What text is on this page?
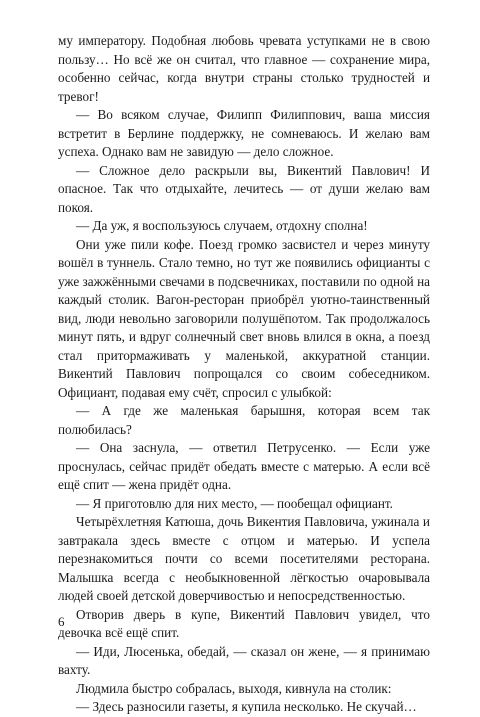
му императору. Подобная любовь чревата уступками не в свою пользу… Но всё же он считал, что главное — сохранение мира, особенно сейчас, когда внутри страны столько трудностей и тревог!

— Во всяком случае, Филипп Филиппович, ваша миссия встретит в Берлине поддержку, не сомневаюсь. И желаю вам успеха. Однако вам не завидую — дело сложное.

— Сложное дело раскрыли вы, Викентий Павлович! И опасное. Так что отдыхайте, лечитесь — от души желаю вам покоя.

— Да уж, я воспользуюсь случаем, отдохну сполна!

Они уже пили кофе. Поезд громко засвистел и через минуту вошёл в туннель. Стало темно, но тут же появились официанты с уже зажжёнными свечами в подсвечниках, поставили по одной на каждый столик. Вагон-ресторан приобрёл уютно-таинственный вид, люди невольно заговорили полушёпотом. Так продолжалось минут пять, и вдруг солнечный свет вновь влился в окна, а поезд стал притормаживать у маленькой, аккуратной станции. Викентий Павлович попрощался со своим собеседником. Официант, подавая ему счёт, спросил с улыбкой:

— А где же маленькая барышня, которая всем так полюбилась?

— Она заснула, — ответил Петрусенко. — Если уже проснулась, сейчас придёт обедать вместе с матерью. А если всё ещё спит — жена придёт одна.

— Я приготовлю для них место, — пообещал официант.

Четырёхлетняя Катюша, дочь Викентия Павловича, ужинала и завтракала здесь вместе с отцом и матерью. И успела перезнакомиться почти со всеми посетителями ресторана. Малышка всегда с необыкновенной лёгкостью очаровывала людей своей детской доверчивостью и непосредственностью.

Отворив дверь в купе, Викентий Павлович увидел, что девочка всё ещё спит.

— Иди, Люсенька, обедай, — сказал он жене, — я принимаю вахту.

Людмила быстро собралась, выходя, кивнула на столик:

— Здесь разносили газеты, я купила несколько. Не скучай…

6
